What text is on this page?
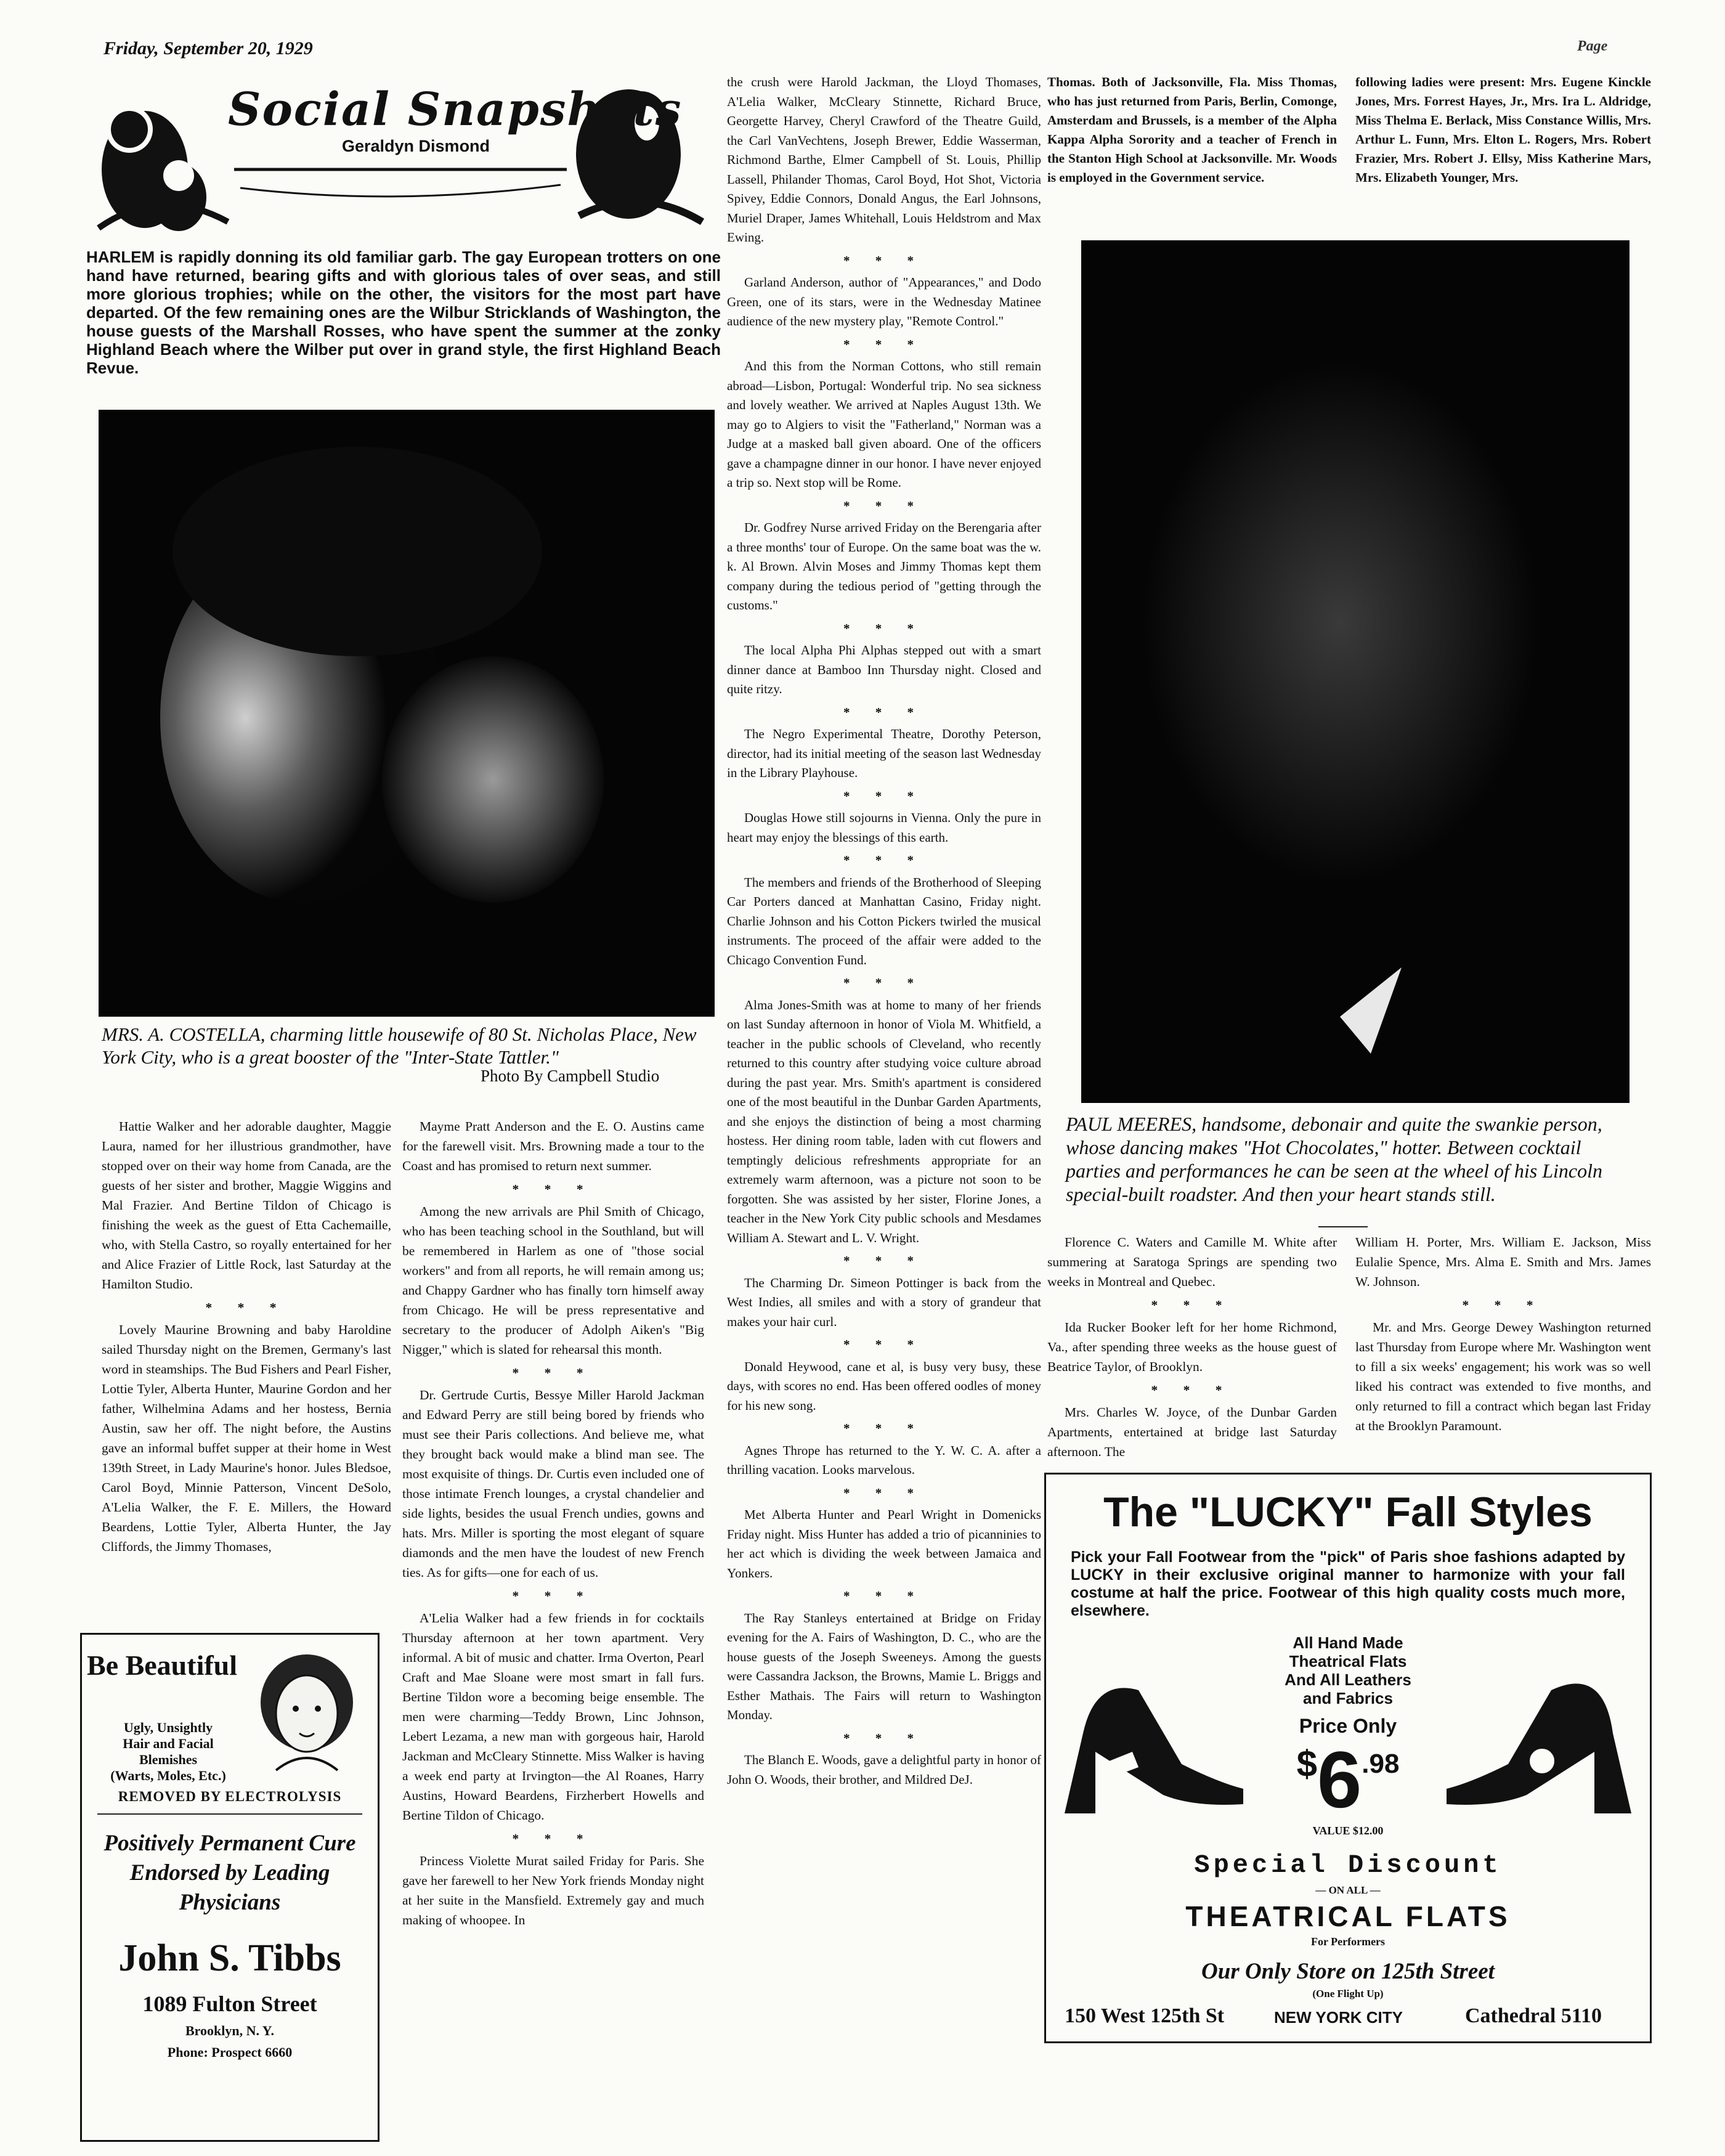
Friday, September 20, 1929	Page
Social Snapshots
Geraldyn Dismond
HARLEM is rapidly donning its old familiar garb. The gay European trotters on one hand have returned, bearing gifts and with glorious tales of over seas, and still more glorious trophies; while on the other, the visitors for the most part have departed. Of the few remaining ones are the Wilbur Stricklands of Washington, the house guests of the Marshall Rosses, who have spent the summer at the zonky Highland Beach where the Wilber put over in grand style, the first Highland Beach Revue.
MRS. A. COSTELLA, charming little housewife of 80 St. Nicholas Place, New York City, who is a great booster of the "Inter-State Tattler."
Photo By Campbell Studio

Hattie Walker and her adorable daughter, Maggie Laura, named for her illustrious grandmother, have stopped over on their way home from Canada, are the guests of her sister and brother, Maggie Wiggins and Mal Frazier. And Bertine Tildon of Chicago is finishing the week as the guest of Etta Cachemaille, who, with Stella Castro, so royally entertained for her and Alice Frazier of Little Rock, last Saturday at the Hamilton Studio.

* * *

Lovely Maurine Browning and baby Haroldine sailed Thursday night on the Bremen, Germany's last word in steamships. The Bud Fishers and Pearl Fisher, Lottie Tyler, Alberta Hunter, Maurine Gordon and her father, Wilhelmina Adams and her hostess, Bernia Austin, saw her off. The night before, the Austins gave an informal buffet supper at their home in West 139th Street, in Lady Maurine's honor. Jules Bledsoe, Carol Boyd, Minnie Patterson, Vincent DeSolo, A'Lelia Walker, the F. E. Millers, the Howard Beardens, Lottie Tyler, Alberta Hunter, the Jay Cliffords, the Jimmy Thomases,

Mayme Pratt Anderson and the E. O. Austins came for the farewell visit. Mrs. Browning made a tour to the Coast and has promised to return next summer.

* * *

Among the new arrivals are Phil Smith of Chicago, who has been teaching school in the Southland, but will be remembered in Harlem as one of "those social workers" and from all reports, he will remain among us; and Chappy Gardner who has finally torn himself away from Chicago. He will be press representative and secretary to the producer of Adolph Aiken's "Big Nigger," which is slated for rehearsal this month.

* * *

Dr. Gertrude Curtis, Bessye Miller Harold Jackman and Edward Perry are still being bored by friends who must see their Paris collections. And believe me, what they brought back would make a blind man see. The most exquisite of things. Dr. Curtis even included one of those intimate French lounges, a crystal chandelier and side lights, besides the usual French undies, gowns and hats. Mrs. Miller is sporting the most elegant of square diamonds and the men have the loudest of new French ties. As for gifts—one for each of us.

* * *

A'Lelia Walker had a few friends in for cocktails Thursday afternoon at her town apartment. Very informal. A bit of music and chatter. Irma Overton, Pearl Craft and Mae Sloane were most smart in fall furs. Bertine Tildon wore a becoming beige ensemble. The men were charming—Teddy Brown, Linc Johnson, Lebert Lezama, a new man with gorgeous hair, Harold Jackman and McCleary Stinnette. Miss Walker is having a week end party at Irvington—the Al Roanes, Harry Austins, Howard Beardens, Firzherbert Howells and Bertine Tildon of Chicago.

* * *

Princess Violette Murat sailed Friday for Paris. She gave her farewell to her New York friends Monday night at her suite in the Mansfield. Extremely gay and much making of whoopee. In

Be Beautiful
Ugly, Unsightly
Hair and Facial
Blemishes
(Warts, Moles, Etc.)
REMOVED BY ELECTROLYSIS
Positively Permanent Cure Endorsed by Leading Physicians
John S. Tibbs
1089 Fulton Street
Brooklyn, N. Y.
Phone: Prospect 6660

the crush were Harold Jackman, the Lloyd Thomases, A'Lelia Walker, McCleary Stinnette, Richard Bruce, Georgette Harvey, Cheryl Crawford of the Theatre Guild, the Carl VanVechtens, Joseph Brewer, Eddie Wasserman, Richmond Barthe, Elmer Campbell of St. Louis, Phillip Lassell, Philander Thomas, Carol Boyd, Hot Shot, Victoria Spivey, Eddie Connors, Donald Angus, the Earl Johnsons, Muriel Draper, James Whitehall, Louis Heldstrom and Max Ewing.

* * *

Garland Anderson, author of "Appearances," and Dodo Green, one of its stars, were in the Wednesday Matinee audience of the new mystery play, "Remote Control."

* * *

And this from the Norman Cottons, who still remain abroad—Lisbon, Portugal: Wonderful trip. No sea sickness and lovely weather. We arrived at Naples August 13th. We may go to Algiers to visit the "Fatherland," Norman was a Judge at a masked ball given aboard. One of the officers gave a champagne dinner in our honor. I have never enjoyed a trip so. Next stop will be Rome.

* * *

Dr. Godfrey Nurse arrived Friday on the Berengaria after a three months' tour of Europe. On the same boat was the w. k. Al Brown. Alvin Moses and Jimmy Thomas kept them company during the tedious period of "getting through the customs."

* * *

The local Alpha Phi Alphas stepped out with a smart dinner dance at Bamboo Inn Thursday night. Closed and quite ritzy.

* * *

The Negro Experimental Theatre, Dorothy Peterson, director, had its initial meeting of the season last Wednesday in the Library Playhouse.

* * *

Douglas Howe still sojourns in Vienna. Only the pure in heart may enjoy the blessings of this earth.

* * *

The members and friends of the Brotherhood of Sleeping Car Porters danced at Manhattan Casino, Friday night. Charlie Johnson and his Cotton Pickers twirled the musical instruments. The proceed of the affair were added to the Chicago Convention Fund.

* * *

Alma Jones-Smith was at home to many of her friends on last Sunday afternoon in honor of Viola M. Whitfield, a teacher in the public schools of Cleveland, who recently returned to this country after studying voice culture abroad during the past year. Mrs. Smith's apartment is considered one of the most beautiful in the Dunbar Garden Apartments, and she enjoys the distinction of being a most charming hostess. Her dining room table, laden with cut flowers and temptingly delicious refreshments appropriate for an extremely warm afternoon, was a picture not soon to be forgotten. She was assisted by her sister, Florine Jones, a teacher in the New York City public schools and Mesdames William A. Stewart and L. V. Wright.

* * *

The Charming Dr. Simeon Pottinger is back from the West Indies, all smiles and with a story of grandeur that makes your hair curl.

* * *

Donald Heywood, cane et al, is busy very busy, these days, with scores no end. Has been offered oodles of money for his new song.

* * *

Agnes Thrope has returned to the Y. W. C. A. after a thrilling vacation. Looks marvelous.

* * *

Met Alberta Hunter and Pearl Wright in Domenicks Friday night. Miss Hunter has added a trio of picanninies to her act which is dividing the week between Jamaica and Yonkers.

* * *

The Ray Stanleys entertained at Bridge on Friday evening for the A. Fairs of Washington, D. C., who are the house guests of the Joseph Sweeneys. Among the guests were Cassandra Jackson, the Browns, Mamie L. Briggs and Esther Mathais. The Fairs will return to Washington Monday.

* * *

The Blanch E. Woods, gave a delightful party in honor of John O. Woods, their brother, and Mildred DeJ.

Thomas. Both of Jacksonville, Fla. Miss Thomas, who has just returned from Paris, Berlin, Comonge, Amsterdam and Brussels, is a member of the Alpha Kappa Alpha Sorority and a teacher of French in the Stanton High School at Jacksonville. Mr. Woods is employed in the Government service.

following ladies were present: Mrs. Eugene Kinckle Jones, Mrs. Forrest Hayes, Jr., Mrs. Ira L. Aldridge, Miss Thelma E. Berlack, Miss Constance Willis, Mrs. Arthur L. Funn, Mrs. Elton L. Rogers, Mrs. Robert Frazier, Mrs. Robert J. Ellsy, Miss Katherine Mars, Mrs. Elizabeth Younger, Mrs.

PAUL MEERES, handsome, debonair and quite the swankie person, whose dancing makes "Hot Chocolates," hotter. Between cocktail parties and performances he can be seen at the wheel of his Lincoln special-built roadster. And then your heart stands still.

Florence C. Waters and Camille M. White after summering at Saratoga Springs are spending two weeks in Montreal and Quebec.

* * *

Ida Rucker Booker left for her home Richmond, Va., after spending three weeks as the house guest of Beatrice Taylor, of Brooklyn.

* * *

Mrs. Charles W. Joyce, of the Dunbar Garden Apartments, entertained at bridge last Saturday afternoon. The

William H. Porter, Mrs. William E. Jackson, Miss Eulalie Spence, Mrs. Alma E. Smith and Mrs. James W. Johnson.

* * *

Mr. and Mrs. George Dewey Washington returned last Thursday from Europe where Mr. Washington went to fill a six weeks' engagement; his work was so well liked his contract was extended to five months, and only returned to fill a contract which began last Friday at the Brooklyn Paramount.

The "LUCKY" Fall Styles
Pick your Fall Footwear from the "pick" of Paris shoe fashions adapted by LUCKY in their exclusive original manner to harmonize with your fall costume at half the price. Footwear of this high quality costs much more, elsewhere.
All Hand Made
Theatrical Flats
And All Leathers
and Fabrics
Price Only
$6.98
VALUE $12.00
Special Discount
— ON ALL —
THEATRICAL FLATS
For Performers
Our Only Store on 125th Street
(One Flight Up)
150 West 125th St	NEW YORK CITY	Cathedral 5110
